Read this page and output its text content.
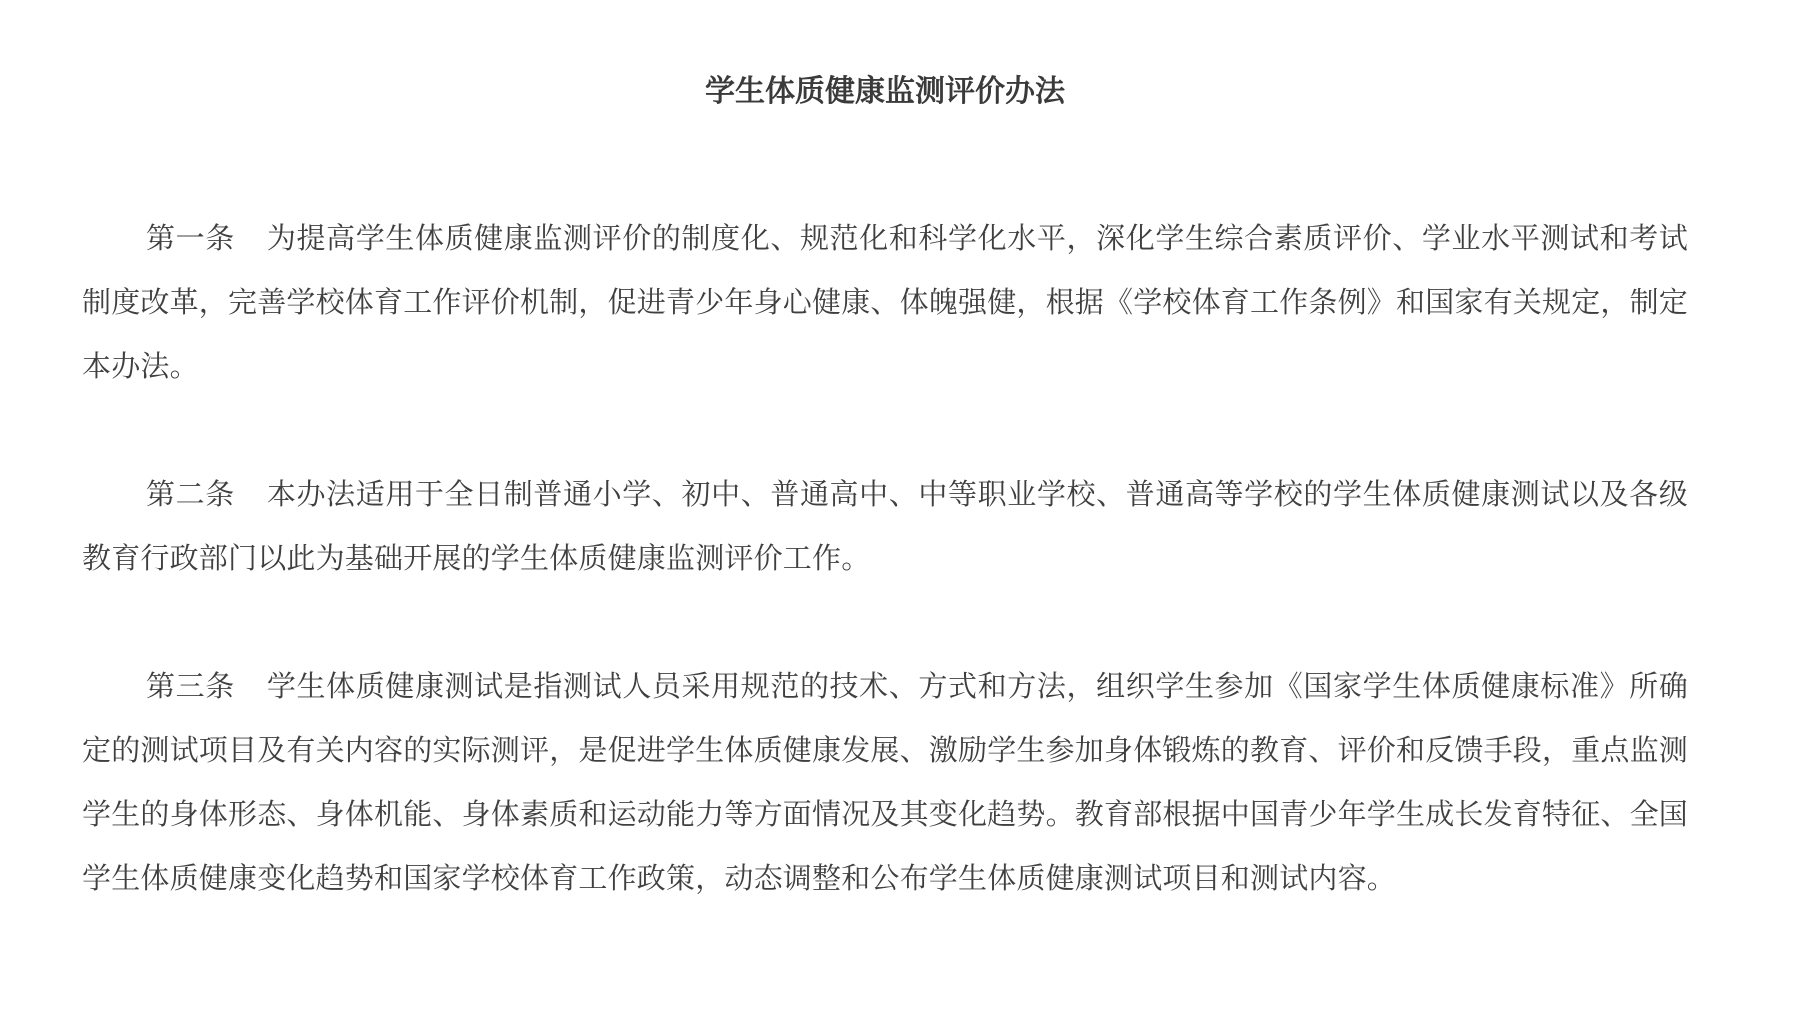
学生体质健康监测评价办法

第一条 为提高学生体质健康监测评价的制度化、规范化和科学化水平，深化学生综合素质评价、学业水平测试和考试制度改革，完善学校体育工作评价机制，促进青少年身心健康、体魄强健，根据《学校体育工作条例》和国家有关规定，制定本办法。

第二条 本办法适用于全日制普通小学、初中、普通高中、中等职业学校、普通高等学校的学生体质健康测试以及各级教育行政部门以此为基础开展的学生体质健康监测评价工作。

第三条 学生体质健康测试是指测试人员采用规范的技术、方式和方法，组织学生参加《国家学生体质健康标准》所确定的测试项目及有关内容的实际测评，是促进学生体质健康发展、激励学生参加身体锻炼的教育、评价和反馈手段，重点监测学生的身体形态、身体机能、身体素质和运动能力等方面情况及其变化趋势。教育部根据中国青少年学生成长发育特征、全国学生体质健康变化趋势和国家学校体育工作政策，动态调整和公布学生体质健康测试项目和测试内容。
